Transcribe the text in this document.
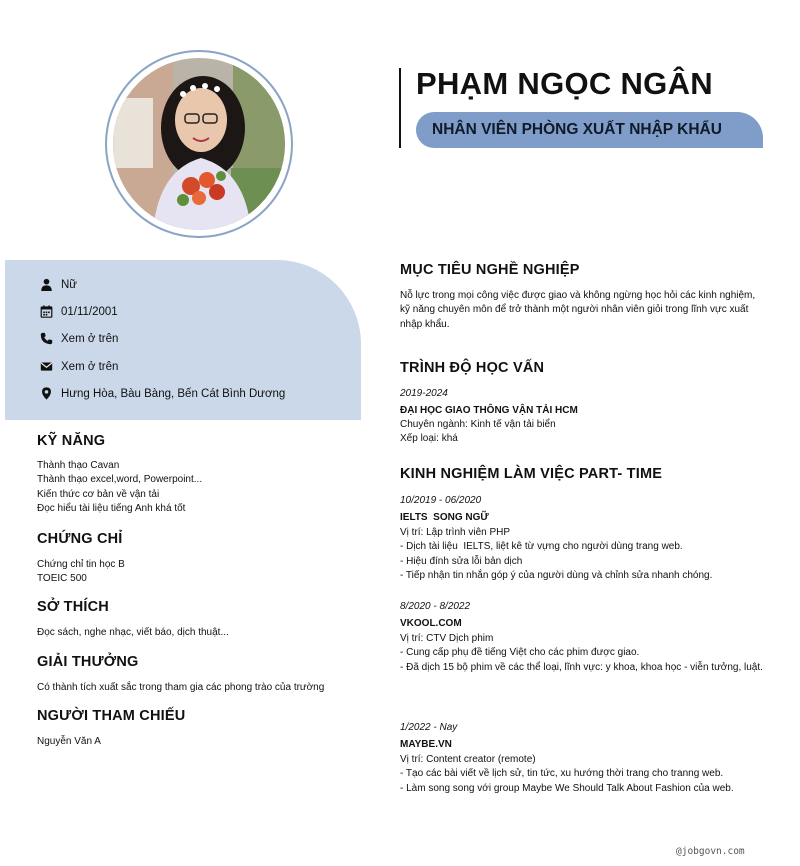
PHẠM NGỌC NGÂN
NHÂN VIÊN PHÒNG XUẤT NHẬP KHẨU
Nữ
01/11/2001
Xem ở trên
Xem ở trên
Hưng Hòa, Bàu Bàng, Bến Cát Bình Dương
KỸ NĂNG
Thành thạo Cavan
Thành thạo excel,word, Powerpoint...
Kiến thức cơ bản về vận tải
Đọc hiểu tài liệu tiếng Anh khá tốt
CHỨNG CHỈ
Chứng chỉ tin học B
TOEIC 500
SỞ THÍCH
Đọc sách, nghe nhạc, viết báo, dịch thuật...
GIẢI THƯỞNG
Có thành tích xuất sắc trong tham gia các phong trào của trường
NGƯỜI THAM CHIẾU
Nguyễn Văn A
MỤC TIÊU NGHỀ NGHIỆP
Nỗ lực trong mọi công việc được giao và không ngừng học hỏi các kinh nghiệm, kỹ năng chuyên môn để trở thành một người nhân viên giỏi trong lĩnh vực xuất nhập khẩu.
TRÌNH ĐỘ HỌC VẤN
2019-2024
ĐẠI HỌC GIAO THÔNG VẬN TẢI HCM
Chuyên ngành: Kinh tế vận tải biển
Xếp loại: khá
KINH NGHIỆM LÀM VIỆC PART- TIME
10/2019 - 06/2020
IELTS  SONG NGỮ
Vị trí: Lập trình viên PHP
- Dịch tài liệu  IELTS, liệt kê từ vựng cho người dùng trang web.
- Hiệu đính sửa lỗi bản dịch
- Tiếp nhận tin nhắn góp ý của người dùng và chỉnh sửa nhanh chóng.
8/2020 - 8/2022
VKOOL.COM
Vị trí: CTV Dịch phim
- Cung cấp phụ đề tiếng Việt cho các phim được giao.
- Đã dịch 15 bộ phim về các thể loại, lĩnh vực: y khoa, khoa học - viễn tưởng, luật.
1/2022 - Nay
MAYBE.VN
Vị trí: Content creator (remote)
- Tạo các bài viết về lịch sử, tin tức, xu hướng thời trang cho tranng web.
- Làm song song với group Maybe We Should Talk About Fashion của web.
@jobgovn.com
